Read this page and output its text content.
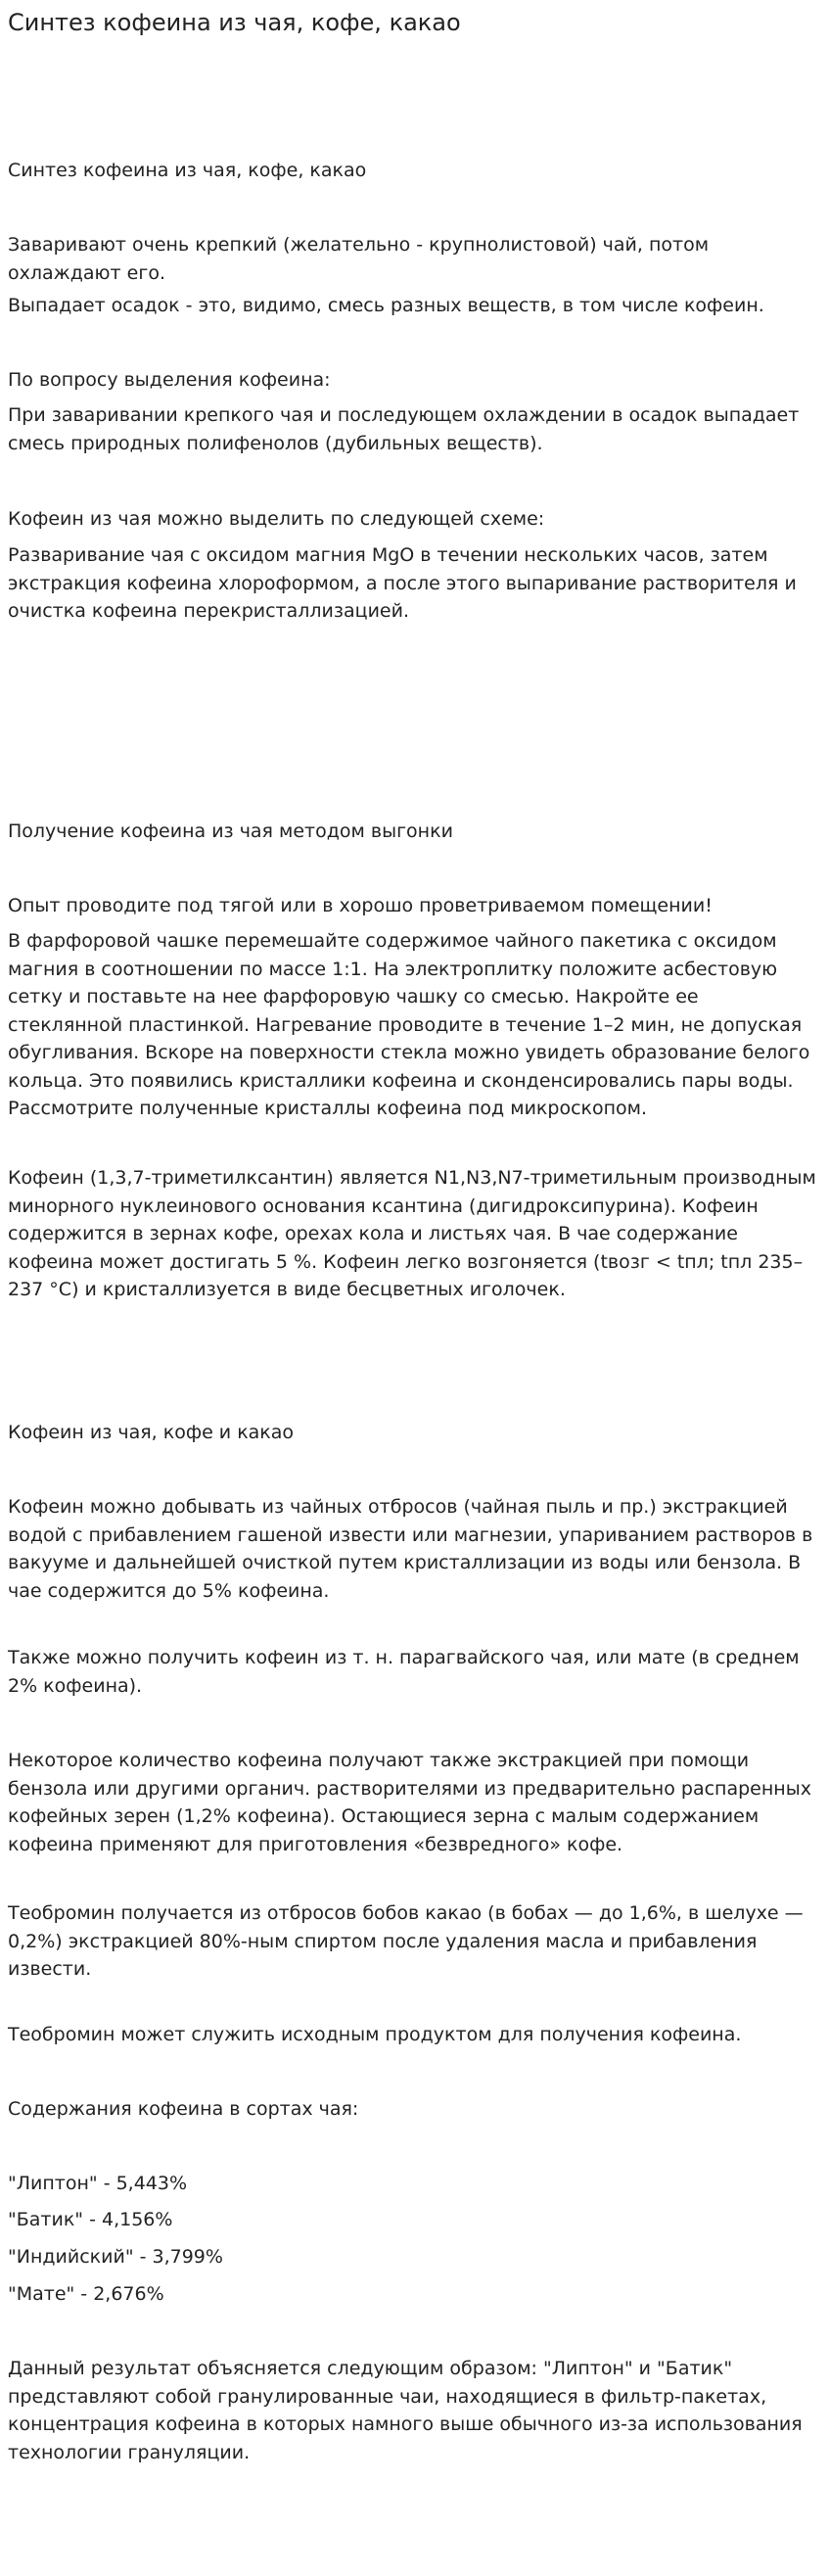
Синтез кофеина из чая, кофе, какао

Синтез кофеина из чая, кофе, какао

Заваривают очень крепкий (желательно - крупнолистовой) чай, потом охлаждают его.

Выпадает осадок - это, видимо, смесь разных веществ, в том числе кофеин.

По вопросу выделения кофеина:

При заваривании крепкого чая и последующем охлаждении в осадок выпадает смесь природных полифенолов (дубильных веществ).

Кофеин из чая можно выделить по следующей схеме:

Разваривание чая с оксидом магния MgO в течении нескольких часов, затем экстракция кофеина хлороформом, а после этого выпаривание растворителя и очистка кофеина перекристаллизацией.

Получение кофеина из чая методом выгонки

Опыт проводите под тягой или в хорошо проветриваемом помещении!

В фарфоровой чашке перемешайте содержимое чайного пакетика с оксидом магния в соотношении по массе 1:1. На электроплитку положите асбестовую сетку и поставьте на нее фарфоровую чашку со смесью. Накройте ее стеклянной пластинкой. Нагревание проводите в течение 1–2 мин, не допуская обугливания. Вскоре на поверхности стекла можно увидеть образование белого кольца. Это появились кристаллики кофеина и сконденсировались пары воды. Рассмотрите полученные кристаллы кофеина под микроскопом.

Кофеин (1,3,7-триметилксантин) является N1,N3,N7-триметильным производным минорного нуклеинового основания ксантина (дигидроксипурина). Кофеин содержится в зернах кофе, орехах кола и листьях чая. В чае содержание кофеина может достигать 5 %. Кофеин легко возгоняется (tвозг < tпл; tпл 235–237 °С) и кристаллизуется в виде бесцветных иголочек.

Кофеин из чая, кофе и какао

Кофеин можно добывать из чайных отбросов (чайная пыль и пр.) экстракцией водой с прибавлением гашеной извести или магнезии, упариванием растворов в вакууме и дальнейшей очисткой путем кристаллизации из воды или бензола. В чае содержится до 5% кофеина.

Также можно получить кофеин из т. н. парагвайского чая, или мате (в среднем 2% кофеина).

Некоторое количество кофеина получают также экстракцией при помощи бензола или другими органич. растворителями из предварительно распаренных кофейных зерен (1,2% кофеина). Остающиеся зерна с малым содержанием кофеина применяют для приготовления «безвредного» кофе.

Теобромин получается из отбросов бобов какао (в бобах — до 1,6%, в шелухе — 0,2%) экстракцией 80%-ным спиртом после удаления масла и прибавления извести.

Теобромин может служить исходным продуктом для получения кофеина.

Содержания кофеина в сортах чая:

"Липтон" - 5,443%

"Батик" - 4,156%

"Индийский" - 3,799%

"Мате" - 2,676%

Данный результат объясняется следующим образом: "Липтон" и "Батик" представляют собой гранулированные чаи, находящиеся в фильтр-пакетах, концентрация кофеина в которых намного выше обычного из-за использования технологии грануляции.
